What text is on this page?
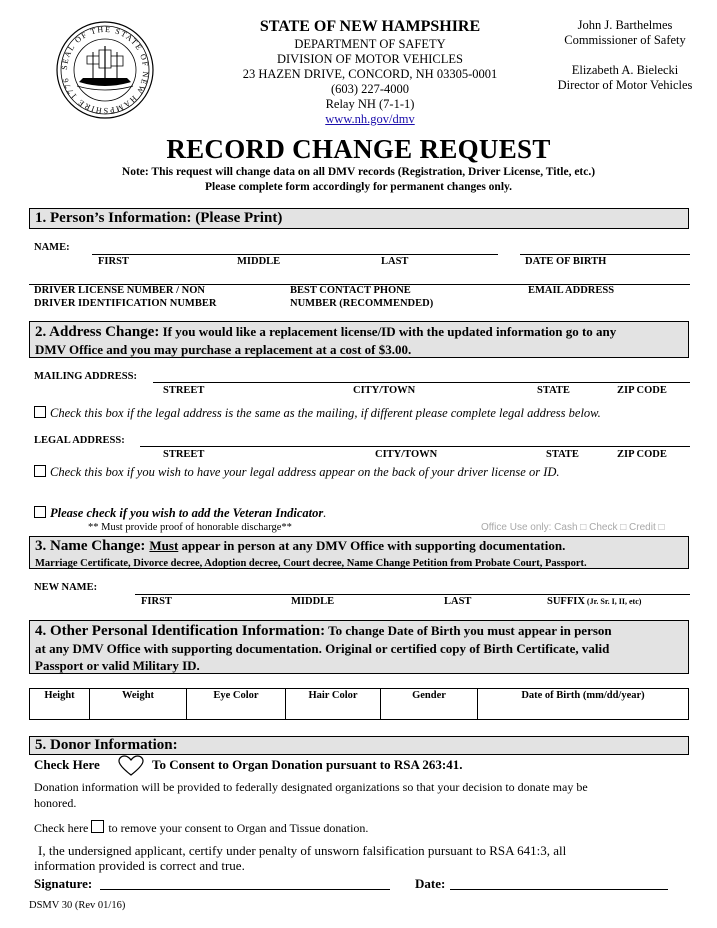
SEAL OF THE STATE OF NEW HAMPSHIRE 1776
STATE OF NEW HAMPSHIRE
DEPARTMENT OF SAFETY
DIVISION OF MOTOR VEHICLES
23 HAZEN DRIVE, CONCORD, NH 03305-0001
(603) 227-4000
Relay NH (7-1-1)
www.nh.gov/dmv
John J. Barthelmes
Commissioner of Safety
Elizabeth A. Bielecki
Director of Motor Vehicles
RECORD CHANGE REQUEST
Note: This request will change data on all DMV records (Registration, Driver License, Title, etc.)
Please complete form accordingly for permanent changes only.
1. Person’s Information: (Please Print)
NAME:
FIRST	MIDDLE	LAST	DATE OF BIRTH
DRIVER LICENSE NUMBER / NON
DRIVER IDENTIFICATION NUMBER
BEST CONTACT PHONE
NUMBER (RECOMMENDED)
EMAIL ADDRESS
2. Address Change: If you would like a replacement license/ID with the updated information go to any
DMV Office and you may purchase a replacement at a cost of $3.00.
MAILING ADDRESS:
STREET	CITY/TOWN	STATE	ZIP CODE
Check this box if the legal address is the same as the mailing, if different please complete legal address below.
LEGAL ADDRESS:
STREET	CITY/TOWN	STATE	ZIP CODE
Check this box if you wish to have your legal address appear on the back of your driver license or ID.
Please check if you wish to add the Veteran Indicator.
** Must provide proof of honorable discharge**	Office Use only: Cash □ Check □ Credit □
3. Name Change: Must appear in person at any DMV Office with supporting documentation.
Marriage Certificate, Divorce decree, Adoption decree, Court decree, Name Change Petition from Probate Court, Passport.
NEW NAME:
FIRST	MIDDLE	LAST	SUFFIX (Jr. Sr. I, II, etc)
4. Other Personal Identification Information: To change Date of Birth you must appear in person
at any DMV Office with supporting documentation. Original or certified copy of Birth Certificate, valid
Passport or valid Military ID.
Height	Weight	Eye Color	Hair Color	Gender	Date of Birth (mm/dd/year)
5. Donor Information:
Check Here	To Consent to Organ Donation pursuant to RSA 263:41.
Donation information will be provided to federally designated organizations so that your decision to donate may be
honored.
Check here to remove your consent to Organ and Tissue donation.
I, the undersigned applicant, certify under penalty of unsworn falsification pursuant to RSA 641:3, all
information provided is correct and true.
Signature:	Date:
DSMV 30 (Rev 01/16)
